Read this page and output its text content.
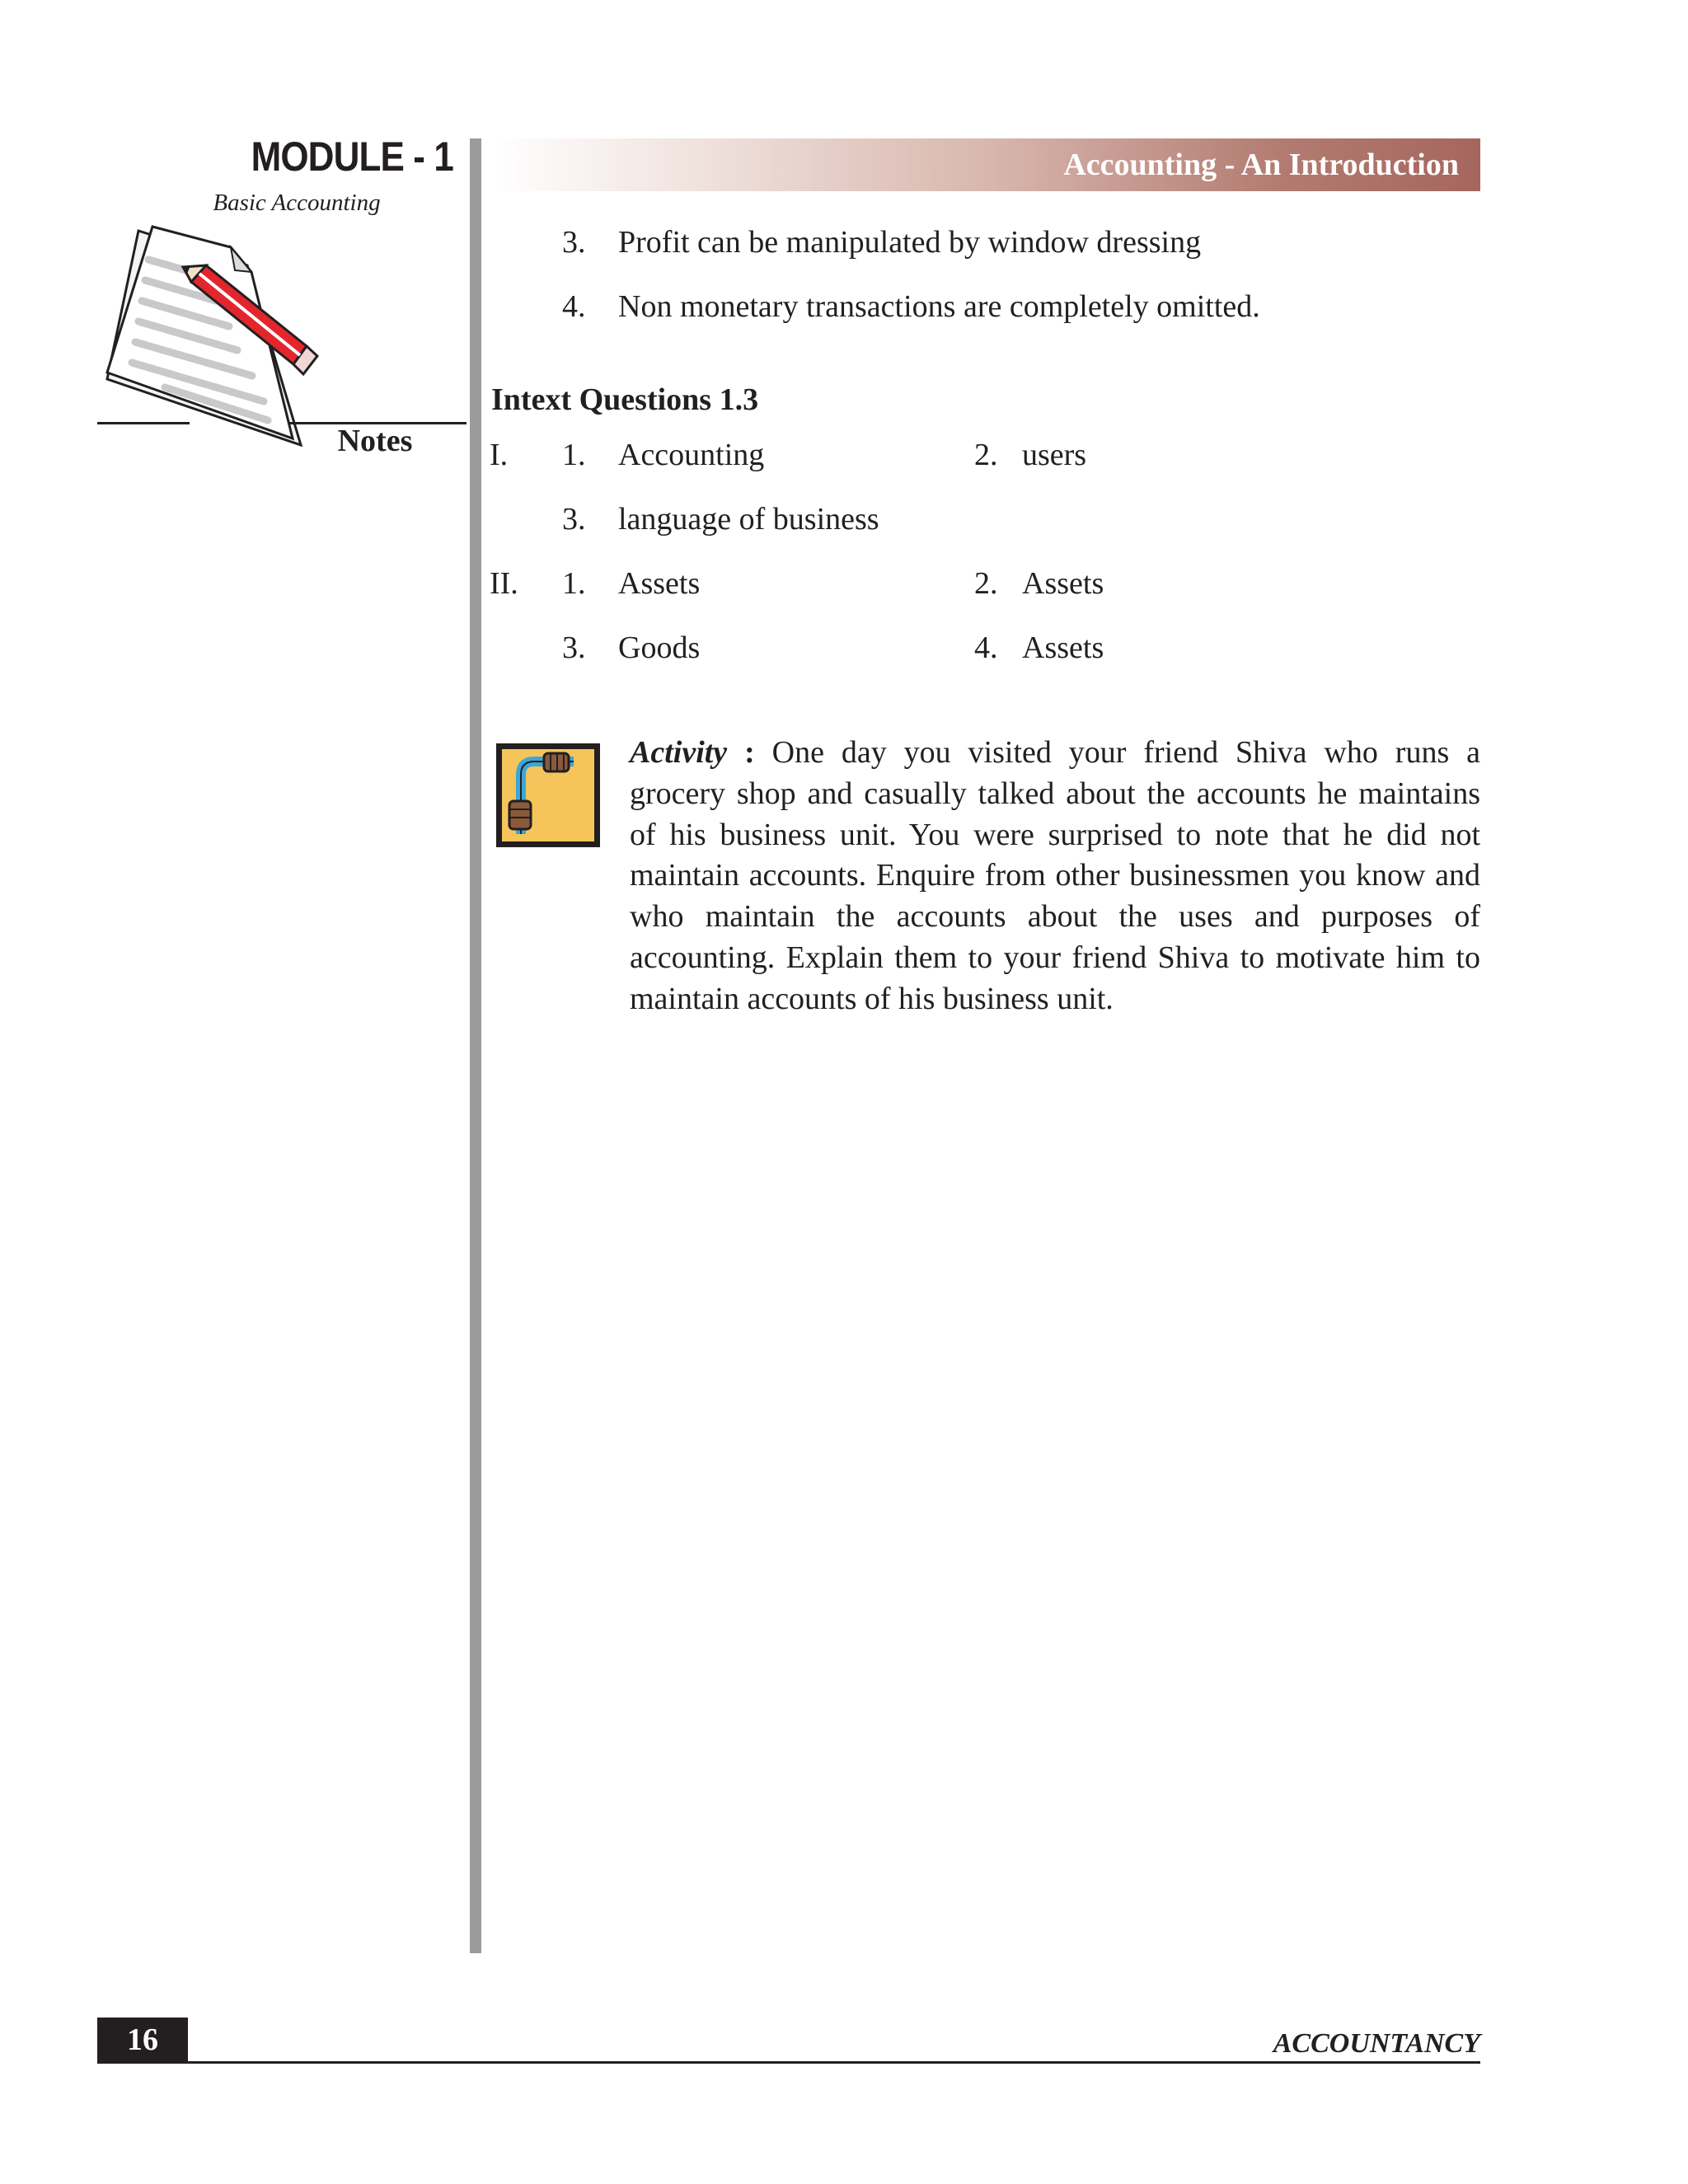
MODULE - 1
Basic Accounting
Notes
Accounting - An Introduction
3. Profit can be manipulated by window dressing
4. Non monetary transactions are completely omitted.
Intext Questions 1.3
I. 1. Accounting	2. users
3. language of business
II. 1. Assets	2. Assets
3. Goods	4. Assets
Activity : One day you visited your friend Shiva who runs a grocery shop and casually talked about the accounts he maintains of his business unit. You were surprised to note that he did not maintain accounts. Enquire from other businessmen you know and who maintain the accounts about the uses and purposes of accounting. Explain them to your friend Shiva to motivate him to maintain accounts of his business unit.
16	ACCOUNTANCY
